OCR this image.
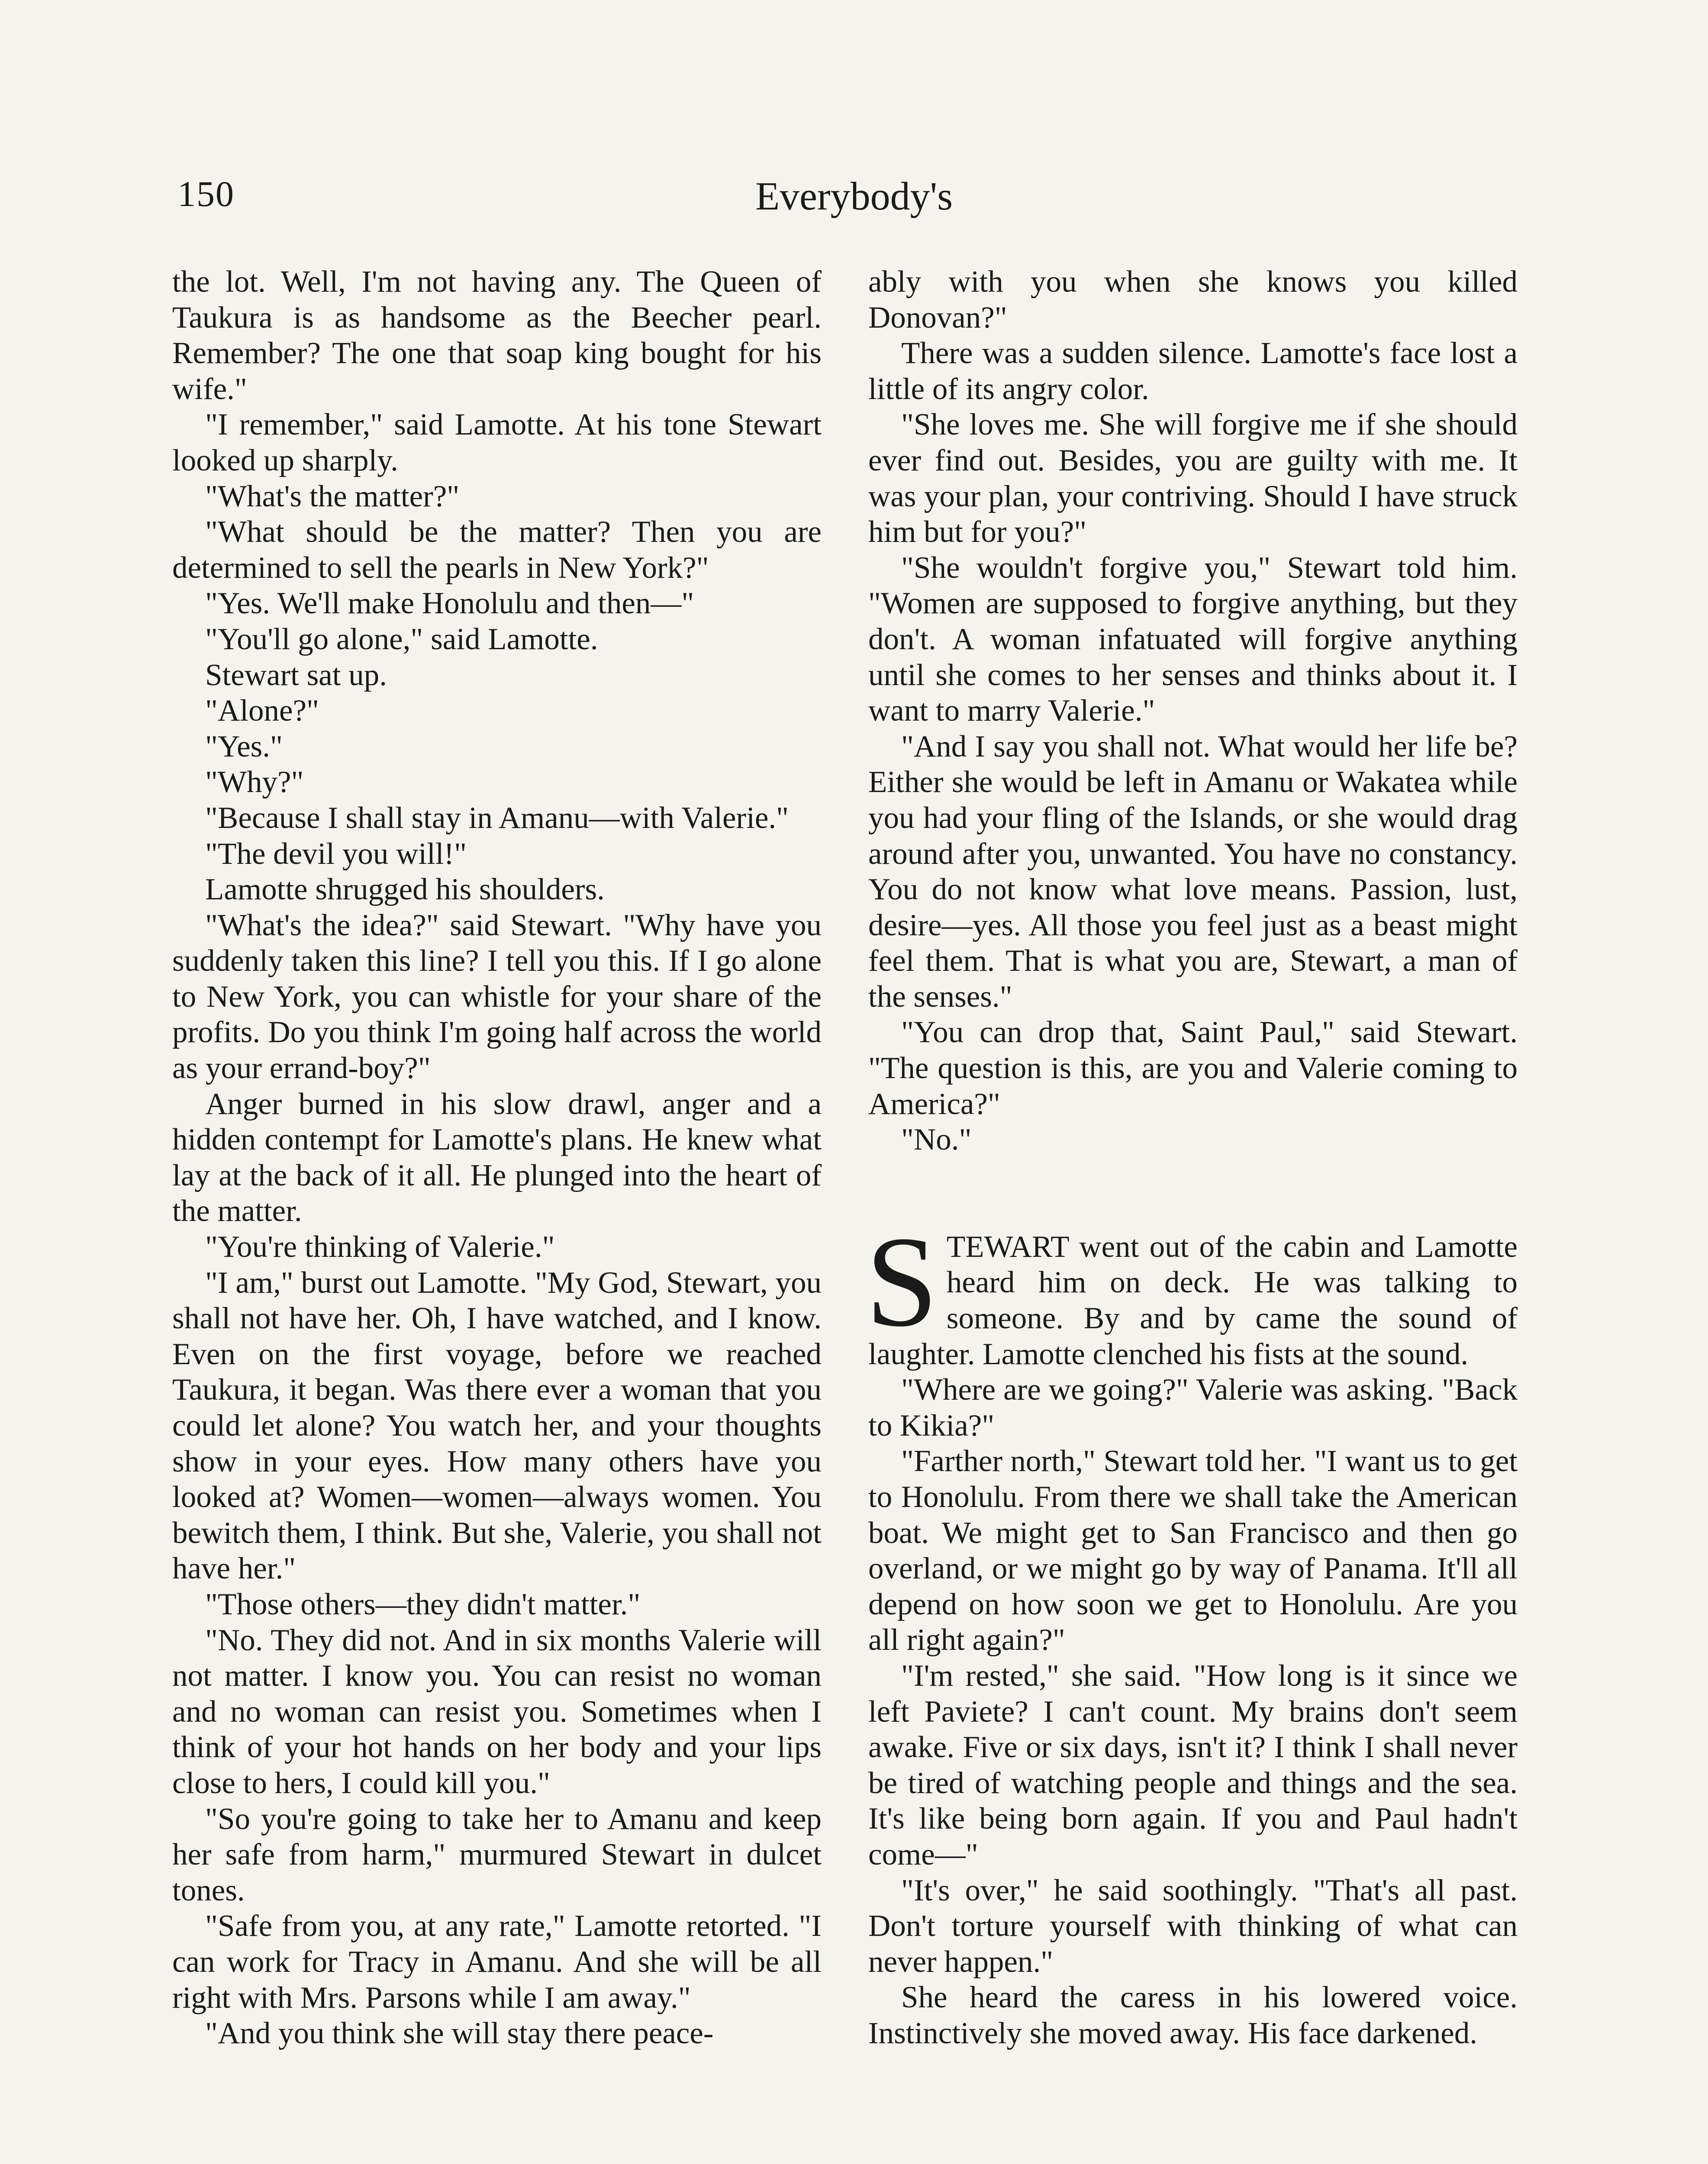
150	Everybody's

the lot. Well, I'm not having any. The Queen of Taukura is as handsome as the Beecher pearl. Remember? The one that soap king bought for his wife."

"I remember," said Lamotte. At his tone Stewart looked up sharply.

"What's the matter?"

"What should be the matter? Then you are determined to sell the pearls in New York?"

"Yes. We'll make Honolulu and then—"

"You'll go alone," said Lamotte.

Stewart sat up.

"Alone?"

"Yes."

"Why?"

"Because I shall stay in Amanu—with Valerie."

"The devil you will!"

Lamotte shrugged his shoulders.

"What's the idea?" said Stewart. "Why have you suddenly taken this line? I tell you this. If I go alone to New York, you can whistle for your share of the profits. Do you think I'm going half across the world as your errand-boy?"

Anger burned in his slow drawl, anger and a hidden contempt for Lamotte's plans. He knew what lay at the back of it all. He plunged into the heart of the matter.

"You're thinking of Valerie."

"I am," burst out Lamotte. "My God, Stewart, you shall not have her. Oh, I have watched, and I know. Even on the first voyage, before we reached Taukura, it began. Was there ever a woman that you could let alone? You watch her, and your thoughts show in your eyes. How many others have you looked at? Women—women—always women. You bewitch them, I think. But she, Valerie, you shall not have her."

"Those others—they didn't matter."

"No. They did not. And in six months Valerie will not matter. I know you. You can resist no woman and no woman can resist you. Sometimes when I think of your hot hands on her body and your lips close to hers, I could kill you."

"So you're going to take her to Amanu and keep her safe from harm," murmured Stewart in dulcet tones.

"Safe from you, at any rate," Lamotte retorted. "I can work for Tracy in Amanu. And she will be all right with Mrs. Parsons while I am away."

"And you think she will stay there peace-

ably with you when she knows you killed Donovan?"

There was a sudden silence. Lamotte's face lost a little of its angry color.

"She loves me. She will forgive me if she should ever find out. Besides, you are guilty with me. It was your plan, your contriving. Should I have struck him but for you?"

"She wouldn't forgive you," Stewart told him. "Women are supposed to forgive anything, but they don't. A woman infatuated will forgive anything until she comes to her senses and thinks about it. I want to marry Valerie."

"And I say you shall not. What would her life be? Either she would be left in Amanu or Wakatea while you had your fling of the Islands, or she would drag around after you, unwanted. You have no constancy. You do not know what love means. Passion, lust, desire—yes. All those you feel just as a beast might feel them. That is what you are, Stewart, a man of the senses."

"You can drop that, Saint Paul," said Stewart. "The question is this, are you and Valerie coming to America?"

"No."

STEWART went out of the cabin and Lamotte heard him on deck. He was talking to someone. By and by came the sound of laughter. Lamotte clenched his fists at the sound.

"Where are we going?" Valerie was asking. "Back to Kikia?"

"Farther north," Stewart told her. "I want us to get to Honolulu. From there we shall take the American boat. We might get to San Francisco and then go overland, or we might go by way of Panama. It'll all depend on how soon we get to Honolulu. Are you all right again?"

"I'm rested," she said. "How long is it since we left Paviete? I can't count. My brains don't seem awake. Five or six days, isn't it? I think I shall never be tired of watching people and things and the sea. It's like being born again. If you and Paul hadn't come—"

"It's over," he said soothingly. "That's all past. Don't torture yourself with thinking of what can never happen."

She heard the caress in his lowered voice. Instinctively she moved away. His face darkened.
